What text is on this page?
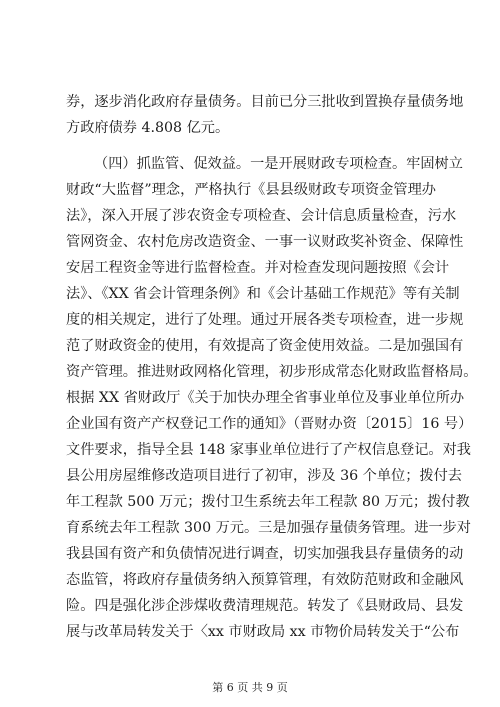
券，逐步消化政府存量债务。目前已分三批收到置换存量债务地
方政府债券 4.808 亿元。
（四）抓监管、促效益。一是开展财政专项检查。牢固树立
财政“大监督”理念，严格执行《县县级财政专项资金管理办
法》，深入开展了涉农资金专项检查、会计信息质量检查，污水
管网资金、农村危房改造资金、一事一议财政奖补资金、保障性
安居工程资金等进行监督检查。并对检查发现问题按照《会计
法》、《XX 省会计管理条例》和《会计基础工作规范》等有关制
度的相关规定，进行了处理。通过开展各类专项检查，进一步规
范了财政资金的使用，有效提高了资金使用效益。二是加强国有
资产管理。推进财政网格化管理，初步形成常态化财政监督格局。
根据 XX 省财政厅《关于加快办理全省事业单位及事业单位所办
企业国有资产产权登记工作的通知》（晋财办资〔2015〕16 号）
文件要求，指导全县 148 家事业单位进行了产权信息登记。对我
县公用房屋维修改造项目进行了初审，涉及 36 个单位；拨付去
年工程款 500 万元；拨付卫生系统去年工程款 80 万元；拨付教
育系统去年工程款 300 万元。三是加强存量债务管理。进一步对
我县国有资产和负债情况进行调查，切实加强我县存量债务的动
态监管，将政府存量债务纳入预算管理，有效防范财政和金融风
险。四是强化涉企涉煤收费清理规范。转发了《县财政局、县发
展与改革局转发关于〈xx 市财政局 xx 市物价局转发关于“公布
第 6 页 共 9 页
